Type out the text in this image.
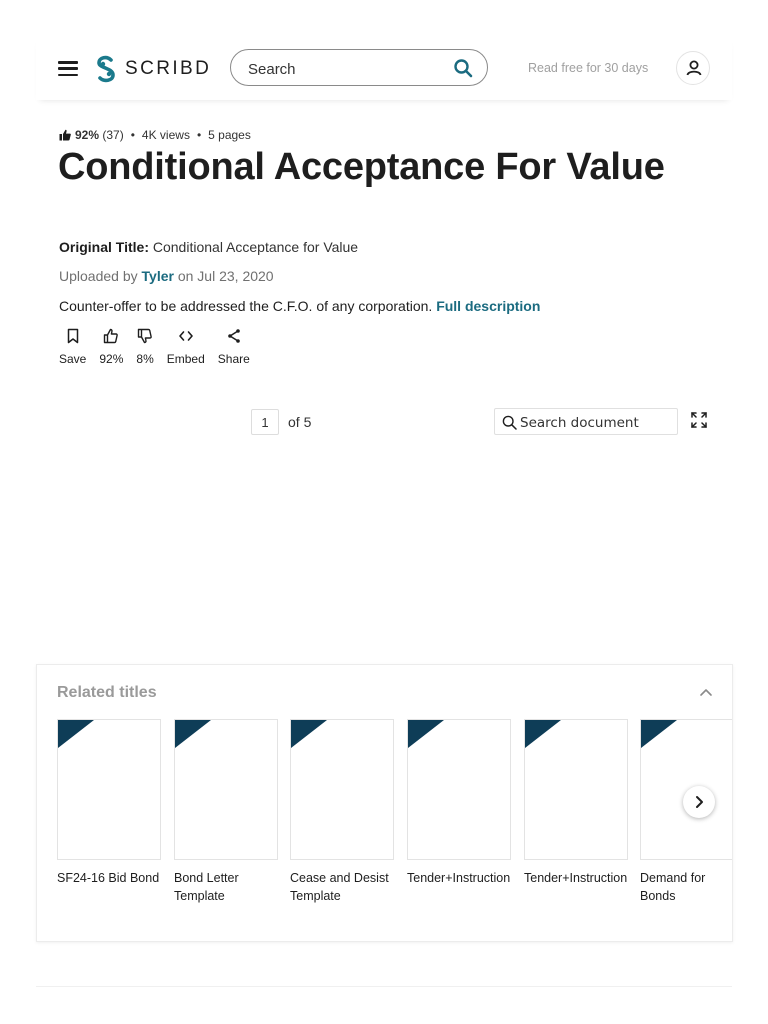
SCRIBD
Search	Read free for 30 days
92%
(37) • 4K views • 5 pages
Conditional Acceptance For Value
Original Title: Conditional Acceptance for Value
Uploaded by Tyler on Jul 23, 2020
Counter-offer to be addressed the C.F.O. of any corporation. Full description
Save 92% 8% Embed Share
1
of 5
Search document
Related titles
SF24-16 Bid Bond Bond Letter Template
Cease and Desist Template
Tender+Instruction Tender+Instruction Demand for Bonds
